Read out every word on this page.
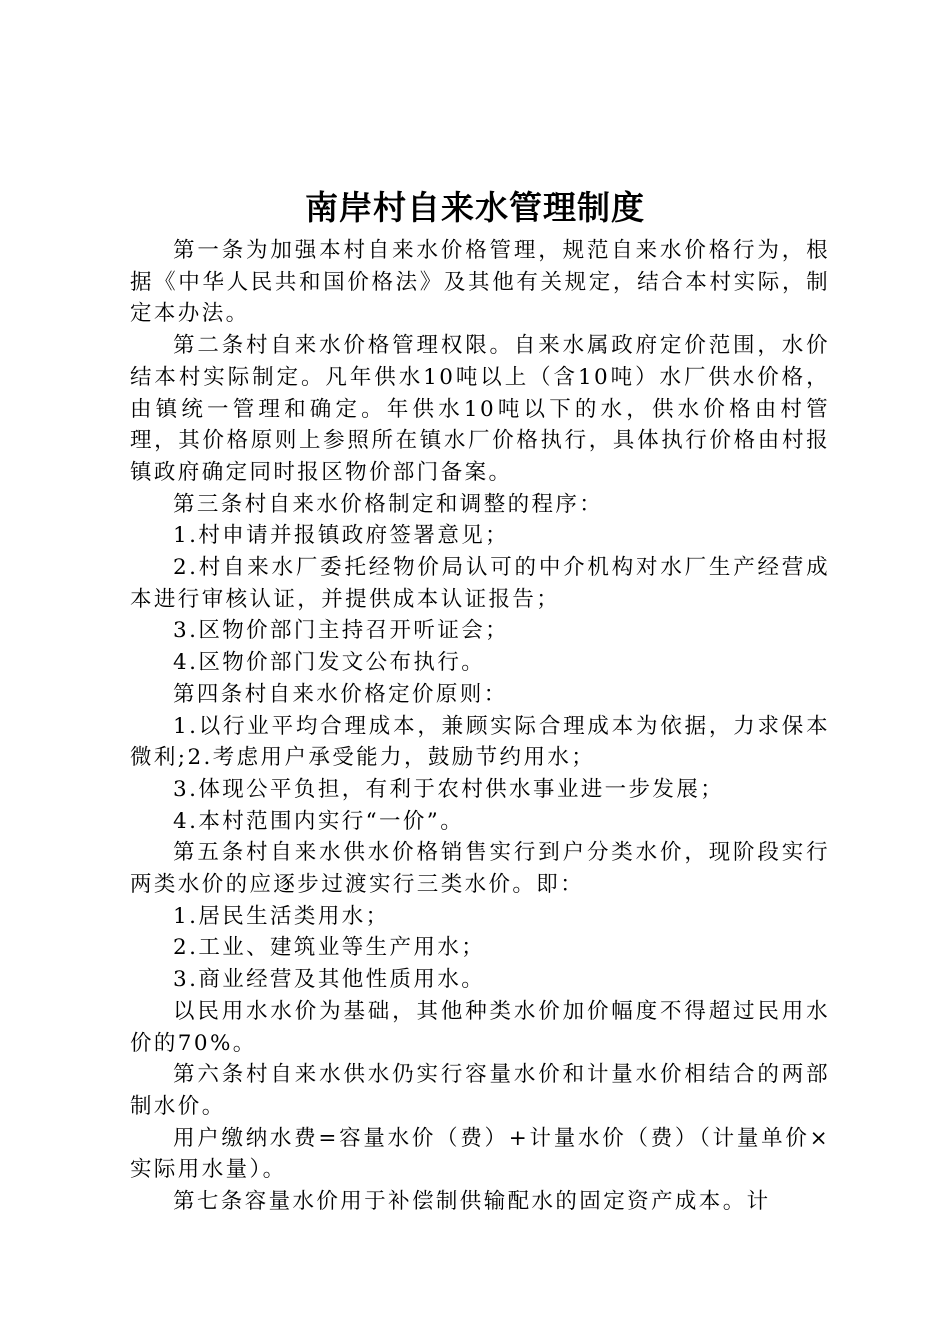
南岸村自来水管理制度

第一条为加强本村自来水价格管理，规范自来水价格行为，根据《中华人民共和国价格法》及其他有关规定，结合本村实际，制定本办法。

第二条村自来水价格管理权限。自来水属政府定价范围，水价结本村实际制定。凡年供水10吨以上（含10吨）水厂供水价格，由镇统一管理和确定。年供水10吨以下的水，供水价格由村管理，其价格原则上参照所在镇水厂价格执行，具体执行价格由村报镇政府确定同时报区物价部门备案。

第三条村自来水价格制定和调整的程序：

1.村申请并报镇政府签署意见；

2.村自来水厂委托经物价局认可的中介机构对水厂生产经营成本进行审核认证，并提供成本认证报告；

3.区物价部门主持召开听证会；

4.区物价部门发文公布执行。

第四条村自来水价格定价原则：

1.以行业平均合理成本，兼顾实际合理成本为依据，力求保本微利;2.考虑用户承受能力，鼓励节约用水；

3.体现公平负担，有利于农村供水事业进一步发展；

4.本村范围内实行“一价”。

第五条村自来水供水价格销售实行到户分类水价，现阶段实行两类水价的应逐步过渡实行三类水价。即：

1.居民生活类用水；

2.工业、建筑业等生产用水；

3.商业经营及其他性质用水。

以民用水水价为基础，其他种类水价加价幅度不得超过民用水价的70%。

第六条村自来水供水仍实行容量水价和计量水价相结合的两部制水价。

用户缴纳水费=容量水价（费）+计量水价（费）（计量单价×实际用水量）。

第七条容量水价用于补偿制供输配水的固定资产成本。计
